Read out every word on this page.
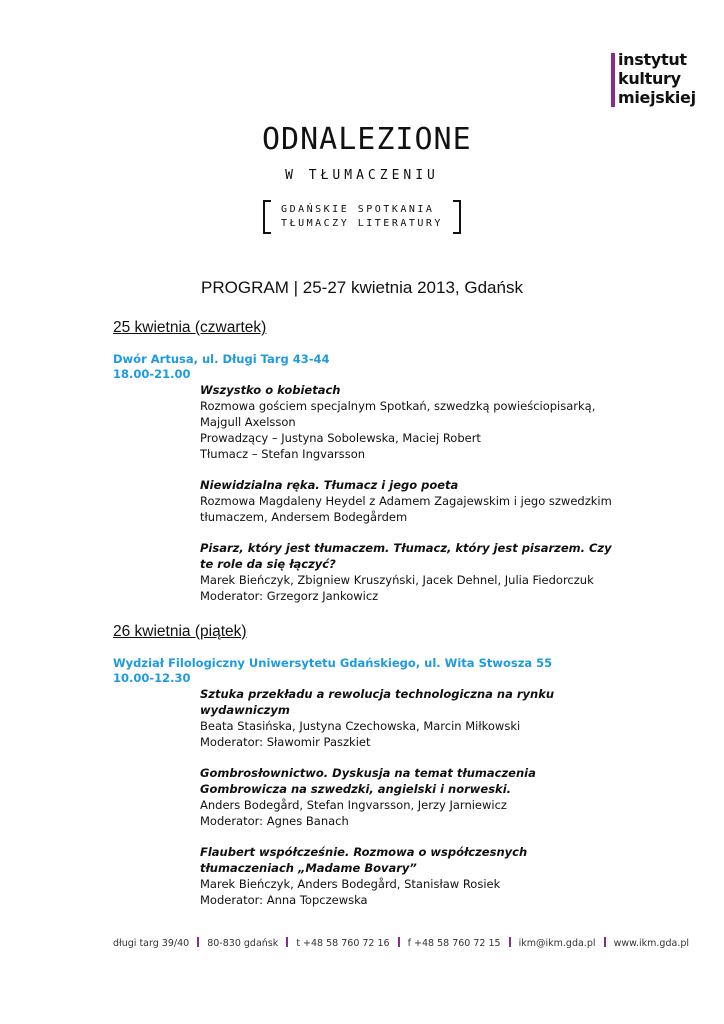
instytut
kultury
miejskiej
ODNALEZIONE
W TŁUMACZENIU
GDAŃSKIE SPOTKANIA
TŁUMACZY LITERATURY
PROGRAM | 25-27 kwietnia 2013, Gdańsk
25 kwietnia (czwartek)
Dwór Artusa, ul. Długi Targ 43-44
18.00-21.00
Wszystko o kobietach
Rozmowa gościem specjalnym Spotkań, szwedzką powieściopisarką,
Majgull Axelsson
Prowadzący – Justyna Sobolewska, Maciej Robert
Tłumacz – Stefan Ingvarsson
Niewidzialna ręka. Tłumacz i jego poeta
Rozmowa Magdaleny Heydel z Adamem Zagajewskim i jego szwedzkim
tłumaczem, Andersem Bodegårdem
Pisarz, który jest tłumaczem. Tłumacz, który jest pisarzem. Czy
te role da się łączyć?
Marek Bieńczyk, Zbigniew Kruszyński, Jacek Dehnel, Julia Fiedorczuk
Moderator: Grzegorz Jankowicz
26 kwietnia (piątek)
Wydział Filologiczny Uniwersytetu Gdańskiego, ul. Wita Stwosza 55
10.00-12.30
Sztuka przekładu a rewolucja technologiczna na rynku
wydawniczym
Beata Stasińska, Justyna Czechowska, Marcin Miłkowski
Moderator: Sławomir Paszkiet
Gombrosłownictwo. Dyskusja na temat tłumaczenia
Gombrowicza na szwedzki, angielski i norweski.
Anders Bodegård, Stefan Ingvarsson, Jerzy Jarniewicz
Moderator: Agnes Banach
Flaubert współcześnie. Rozmowa o współczesnych
tłumaczeniach „Madame Bovary”
Marek Bieńczyk, Anders Bodegård, Stanisław Rosiek
Moderator: Anna Topczewska
długi targ 39/40 80-830 gdańsk t +48 58 760 72 16 f +48 58 760 72 15 ikm@ikm.gda.pl www.ikm.gda.pl
